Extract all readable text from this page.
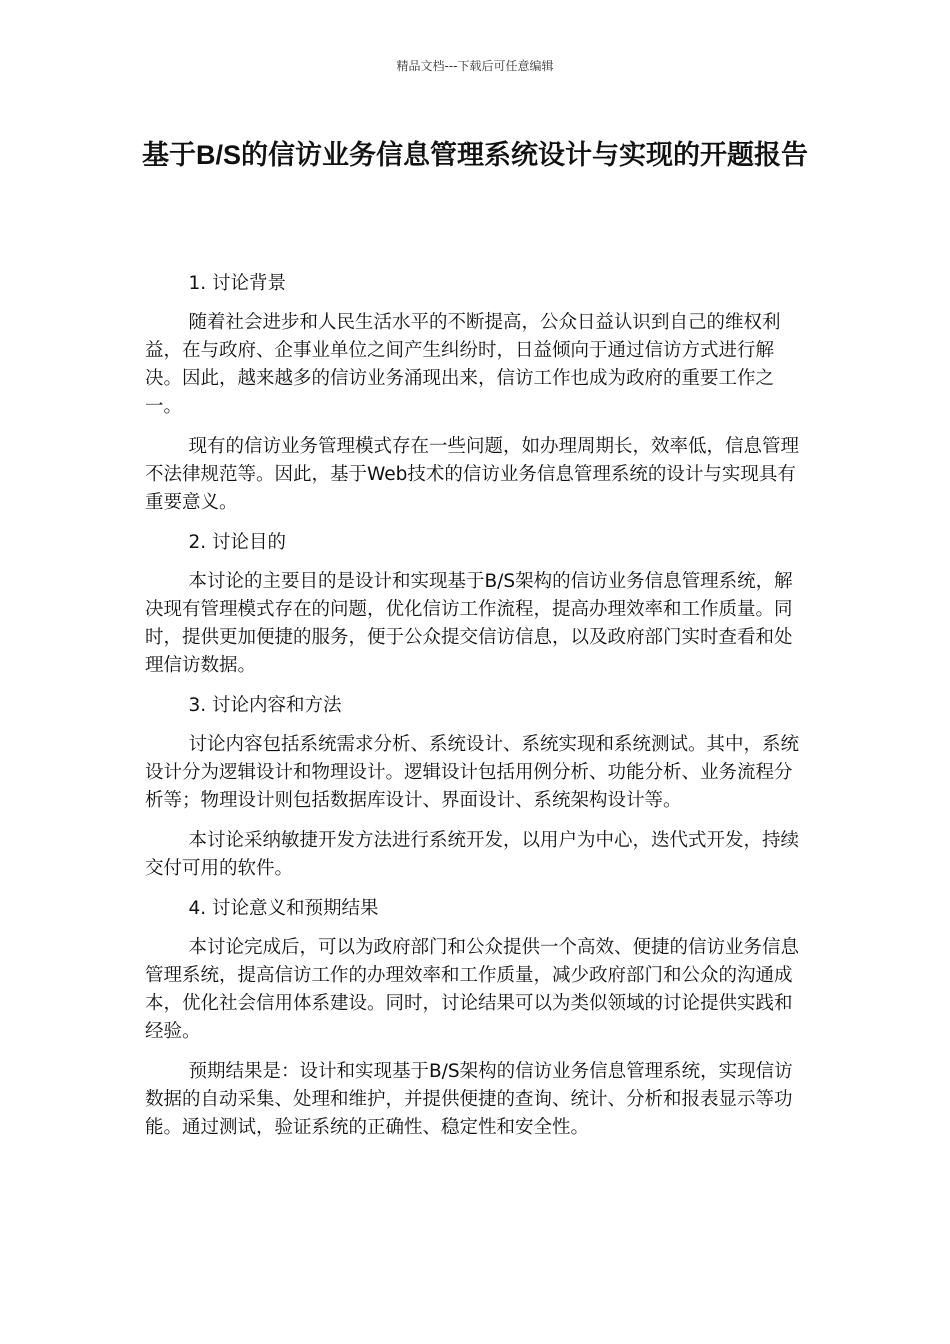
精品文档---下载后可任意编辑
基于B/S的信访业务信息管理系统设计与实现的开题报告

1. 讨论背景

随着社会进步和人民生活水平的不断提高，公众日益认识到自己的维权利益，在与政府、企事业单位之间产生纠纷时，日益倾向于通过信访方式进行解决。因此，越来越多的信访业务涌现出来，信访工作也成为政府的重要工作之一。

现有的信访业务管理模式存在一些问题，如办理周期长，效率低，信息管理不法律规范等。因此，基于Web技术的信访业务信息管理系统的设计与实现具有重要意义。

2. 讨论目的

本讨论的主要目的是设计和实现基于B/S架构的信访业务信息管理系统，解决现有管理模式存在的问题，优化信访工作流程，提高办理效率和工作质量。同时，提供更加便捷的服务，便于公众提交信访信息，以及政府部门实时查看和处理信访数据。

3. 讨论内容和方法

讨论内容包括系统需求分析、系统设计、系统实现和系统测试。其中，系统设计分为逻辑设计和物理设计。逻辑设计包括用例分析、功能分析、业务流程分析等；物理设计则包括数据库设计、界面设计、系统架构设计等。

本讨论采纳敏捷开发方法进行系统开发，以用户为中心，迭代式开发，持续交付可用的软件。

4. 讨论意义和预期结果

本讨论完成后，可以为政府部门和公众提供一个高效、便捷的信访业务信息管理系统，提高信访工作的办理效率和工作质量，减少政府部门和公众的沟通成本，优化社会信用体系建设。同时，讨论结果可以为类似领域的讨论提供实践和经验。

预期结果是：设计和实现基于B/S架构的信访业务信息管理系统，实现信访数据的自动采集、处理和维护，并提供便捷的查询、统计、分析和报表显示等功能。通过测试，验证系统的正确性、稳定性和安全性。
